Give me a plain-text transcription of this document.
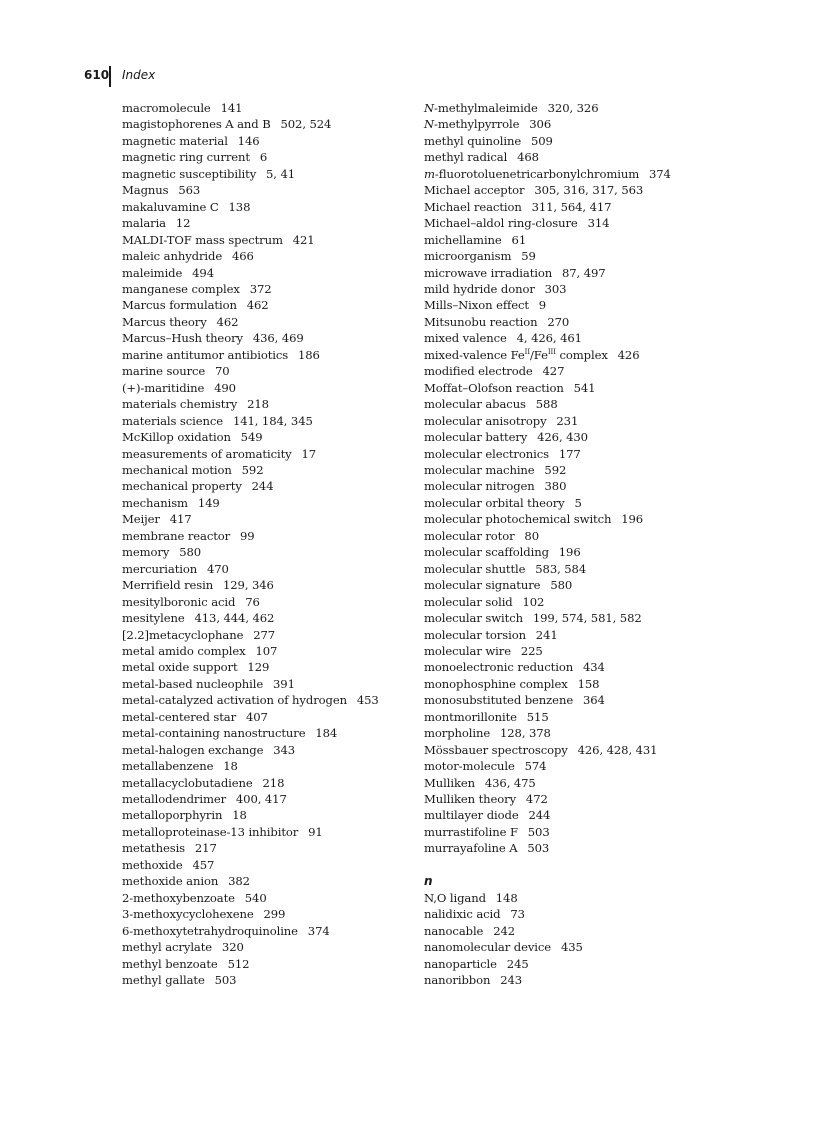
610 Index
macromolecule 141
magistophorenes A and B 502, 524
magnetic material 146
magnetic ring current 6
magnetic susceptibility 5, 41
Magnus 563
makaluvamine C 138
malaria 12
MALDI-TOF mass spectrum 421
maleic anhydride 466
maleimide 494
manganese complex 372
Marcus formulation 462
Marcus theory 462
Marcus–Hush theory 436, 469
marine antitumor antibiotics 186
marine source 70
(+)-maritidine 490
materials chemistry 218
materials science 141, 184, 345
McKillop oxidation 549
measurements of aromaticity 17
mechanical motion 592
mechanical property 244
mechanism 149
Meijer 417
membrane reactor 99
memory 580
mercuriation 470
Merrifield resin 129, 346
mesitylboronic acid 76
mesitylene 413, 444, 462
[2.2]metacyclophane 277
metal amido complex 107
metal oxide support 129
metal-based nucleophile 391
metal-catalyzed activation of hydrogen 453
metal-centered star 407
metal-containing nanostructure 184
metal-halogen exchange 343
metallabenzene 18
metallacyclobutadiene 218
metallodendrimer 400, 417
metalloporphyrin 18
metalloproteinase-13 inhibitor 91
metathesis 217
methoxide 457
methoxide anion 382
2-methoxybenzoate 540
3-methoxycyclohexene 299
6-methoxytetrahydroquinoline 374
methyl acrylate 320
methyl benzoate 512
methyl gallate 503
N-methylmaleimide 320, 326
N-methylpyrrole 306
methyl quinoline 509
methyl radical 468
m-fluorotoluenetricarbonylchromium 374
Michael acceptor 305, 316, 317, 563
Michael reaction 311, 564, 417
Michael–aldol ring-closure 314
michellamine 61
microorganism 59
microwave irradiation 87, 497
mild hydride donor 303
Mills–Nixon effect 9
Mitsunobu reaction 270
mixed valence 4, 426, 461
mixed-valence $Fe^{II}/Fe^{III}$ complex 426
modified electrode 427
Moffat–Olofson reaction 541
molecular abacus 588
molecular anisotropy 231
molecular battery 426, 430
molecular electronics 177
molecular machine 592
molecular nitrogen 380
molecular orbital theory 5
molecular photochemical switch 196
molecular rotor 80
molecular scaffolding 196
molecular shuttle 583, 584
molecular signature 580
molecular solid 102
molecular switch 199, 574, 581, 582
molecular torsion 241
molecular wire 225
monoelectronic reduction 434
monophosphine complex 158
monosubstituted benzene 364
montmorillonite 515
morpholine 128, 378
Mössbauer spectroscopy 426, 428, 431
motor-molecule 574
Mulliken 436, 475
Mulliken theory 472
multilayer diode 244
murrastifoline F 503
murrayafoline A 503
n
N,O ligand 148
nalidixic acid 73
nanocable 242
nanomolecular device 435
nanoparticle 245
nanoribbon 243
